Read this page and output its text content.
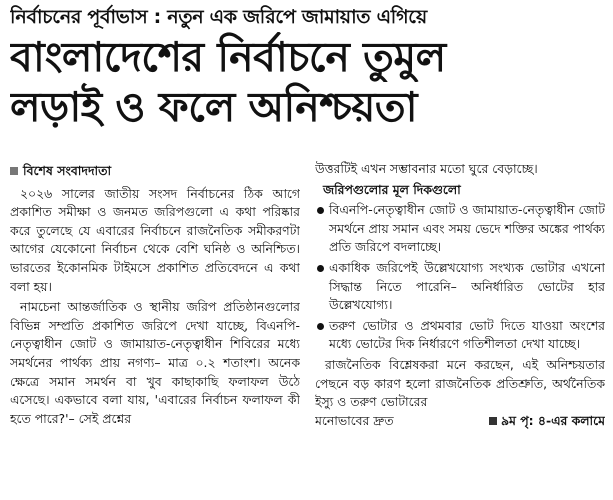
নির্বাচনের পূর্বাভাস : নতুন এক জরিপে জামায়াত এগিয়ে
বাংলাদেশের নির্বাচনে তুমুল
লড়াই ও ফলে অনিশ্চয়তা
বিশেষ সংবাদদাতা

২০২৬ সালের জাতীয় সংসদ নির্বাচনের ঠিক আগে প্রকাশিত সমীক্ষা ও জনমত জরিপগুলো এ কথা পরিষ্কার করে তুলেছে যে এবারের নির্বাচনে রাজনৈতিক সমীকরণটা আগের যেকোনো নির্বাচন থেকে বেশি ঘনিষ্ঠ ও অনিশ্চিত। ভারতের ইকোনমিক টাইমসে প্রকাশিত প্রতিবেদনে এ কথা বলা হয়।

নামচেনা আন্তর্জাতিক ও স্থানীয় জরিপ প্রতিষ্ঠানগুলোর বিভিন্ন সম্প্রতি প্রকাশিত জরিপে দেখা যাচ্ছে, বিএনপি-নেতৃত্বাধীন জোট ও জামায়াত-নেতৃত্বাধীন শিবিরের মধ্যে সমর্থনের পার্থক্য প্রায় নগণ্য– মাত্র ০.২ শতাংশ। অনেক ক্ষেত্রে সমান সমর্থন বা খুব কাছাকাছি ফলাফল উঠে এসেছে। একভাবে বলা যায়, 'এবারের নির্বাচন ফলাফল কী হতে পারে?'– সেই প্রশ্নের

উত্তরটিই এখন সম্ভাবনার মতো ঘুরে বেড়াচ্ছে।

জরিপগুলোর মূল দিকগুলো
বিএনপি-নেতৃত্বাধীন জোট ও জামায়াত-নেতৃত্বাধীন জোট সমর্থনে প্রায় সমান এবং সময় ভেদে শক্তির অঙ্কের পার্থক্য প্রতি জরিপে বদলাচ্ছে।
একাধিক জরিপেই উল্লেখযোগ্য সংখ্যক ভোটার এখনো সিদ্ধান্ত নিতে পারেনি– অনির্ধারিত ভোটের হার উল্লেখযোগ্য।
তরুণ ভোটার ও প্রথমবার ভোট দিতে যাওয়া অংশের মধ্যে ভোটের দিক নির্ধারণে গতিশীলতা দেখা যাচ্ছে।

রাজনৈতিক বিশ্লেষকরা মনে করছেন, এই অনিশ্চয়তার পেছনে বড় কারণ হলো রাজনৈতিক প্রতিশ্রুতি, অর্থনৈতিক ইস্যু ও তরুণ ভোটারের

মনোভাবের দ্রুত	৯ম পৃ: ৪-এর কলামে
